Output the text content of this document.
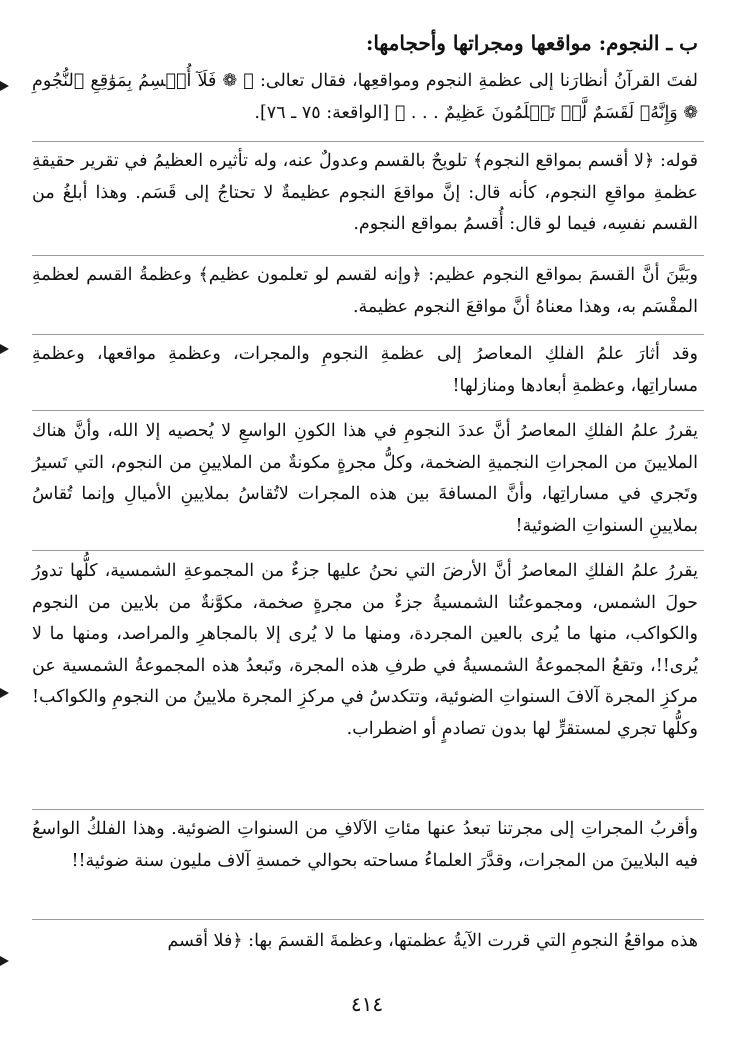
ب ـ النجوم: مواقعها ومجراتها وأحجامها:

لفتَ القرآنُ أنظارَنا إلى عظمةِ النجوم ومواقعِها، فقال تعالى: ﴿ ❁ فَلَآ أُقۡسِمُ بِمَوَٰقِعِ ٱلنُّجُومِ ❁ وَإِنَّهُۥ لَقَسَمٌ لَّوۡ تَعۡلَمُونَ عَظِيمٌ . . . ﴾ [الواقعة: ٧٥ ـ ٧٦].

قوله: ﴿لا أقسم بمواقع النجوم﴾ تلويحٌ بالقسم وعدولٌ عنه، وله تأثيره العظيمُ في تقرير حقيقةِ عظمةِ مواقعِ النجوم، كأنه قال: إنَّ مواقعَ النجوم عظيمةٌ لا تحتاجُ إلى قَسَم. وهذا أبلغُ من القسم نفسِه، فيما لو قال: أُقسمُ بمواقع النجوم.

وبَيَّنَ أنَّ القسمَ بمواقع النجوم عظيم: ﴿وإنه لقسم لو تعلمون عظيم﴾ وعظمةُ القسم لعظمةِ المقْسَم به، وهذا معناهُ أنَّ مواقعَ النجوم عظيمة.

وقد أثارَ علمُ الفلكِ المعاصرُ إلى عظمةِ النجومِ والمجرات، وعظمةِ مواقعها، وعظمةِ مساراتِها، وعظمةِ أبعادها ومنازلها!

يقررُ علمُ الفلكِ المعاصرُ أنَّ عددَ النجومِ في هذا الكونِ الواسعِ لا يُحصيه إلا الله، وأنَّ هناك الملايينَ من المجراتِ النجميةِ الضخمة، وكلُّ مجرةٍ مكونةٌ من الملايينِ من النجوم، التي تَسيرُ وتَجري في مساراتِها، وأنَّ المسافةَ بين هذه المجرات لاتُقاسُ بملايينِ الأميالِ وإنما تُقاسُ بملايينِ السنواتِ الضوئية!

يقررُ علمُ الفلكِ المعاصرُ أنَّ الأرضَ التي نحنُ عليها جزءٌ من المجموعةِ الشمسية، كلُّها تدورُ حولَ الشمس، ومجموعتُنا الشمسيةُ جزءٌ من مجرةٍ صخمة، مكوَّنةٌ من بلايين من النجوم والكواكب، منها ما يُرى بالعين المجردة، ومنها ما لا يُرى إلا بالمجاهرِ والمراصد، ومنها ما لا يُرى!!، وتقعُ المجموعةُ الشمسيةُ في طرفِ هذه المجرة، وتَبعدُ هذه المجموعةُ الشمسية عن مركزِ المجرة آلافَ السنواتِ الضوئية، وتتكدسُ في مركزِ المجرة ملايينُ من النجومِ والكواكب! وكلُّها تجري لمستقرٍّ لها بدون تصادمٍ أو اضطراب.

وأقربُ المجراتِ إلى مجرتنا تبعدُ عنها مئاتِ الآلافِ من السنواتِ الضوئية. وهذا الفلكُ الواسعُ فيه البلايينَ من المجرات، وقدَّرَ العلماءُ مساحته بحوالي خمسةِ آلاف مليون سنة ضوئية!!

هذه مواقعُ النجومِ التي قررت الآيةُ عظمتها، وعظمةَ القسمَ بها: ﴿فلا أقسم

٤١٤
